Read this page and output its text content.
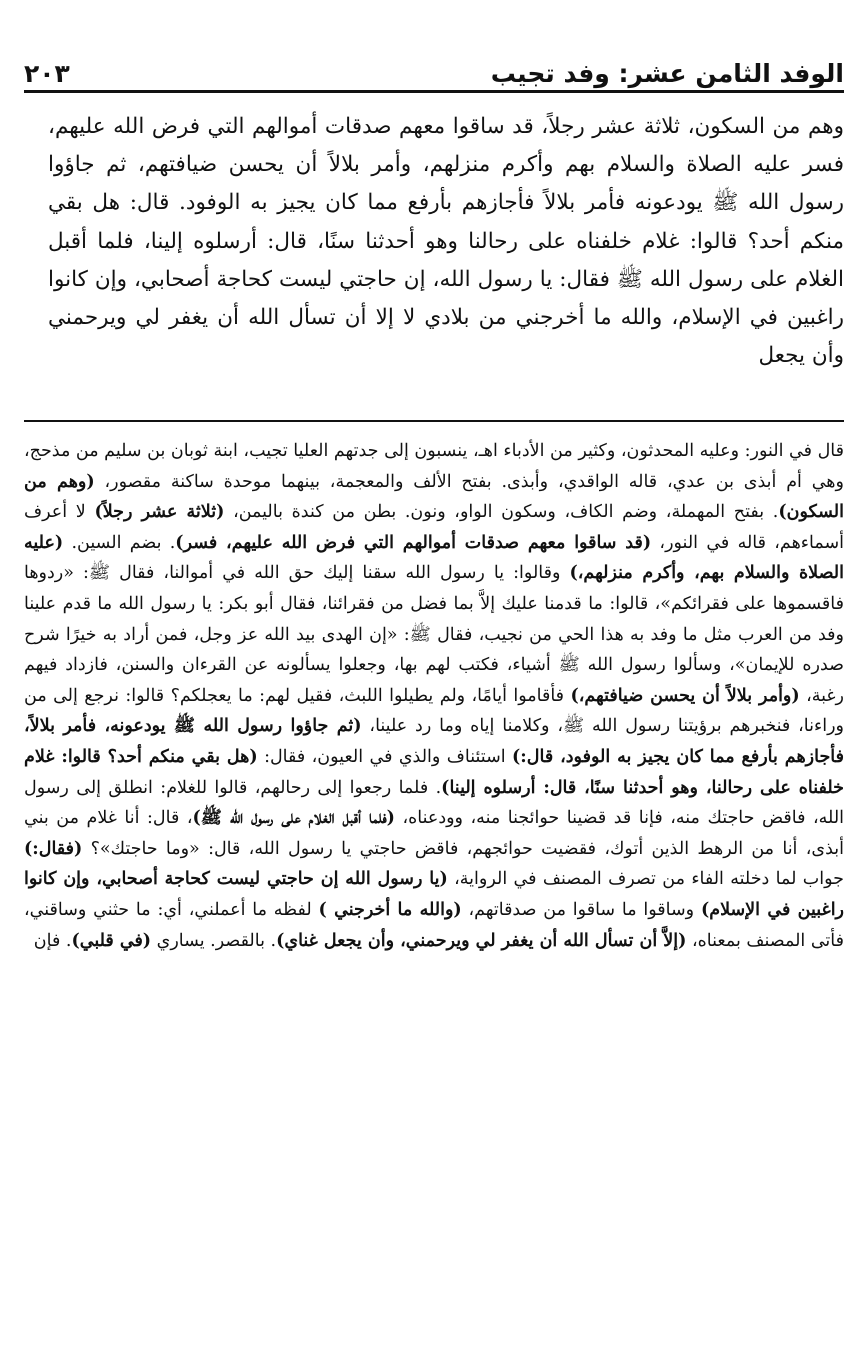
الوفد الثامن عشر: وفد تجيب
٢٠٣

وهم من السكون، ثلاثة عشر رجلاً، قد ساقوا معهم صدقات أموالهم التي فرض الله عليهم، فسر عليه الصلاة والسلام بهم وأكرم منزلهم، وأمر بلالاً أن يحسن ضيافتهم، ثم جاؤوا رسول الله ﷺ يودعونه فأمر بلالاً فأجازهم بأرفع مما كان يجيز به الوفود. قال: هل بقي منكم أحد؟ قالوا: غلام خلفناه على رحالنا وهو أحدثنا سنًا، قال: أرسلوه إلينا، فلما أقبل الغلام على رسول الله ﷺ فقال: يا رسول الله، إن حاجتي ليست كحاجة أصحابي، وإن كانوا راغبين في الإسلام، والله ما أخرجني من بلادي لا إلا أن تسأل الله أن يغفر لي ويرحمني وأن يجعل

قال في النور: وعليه المحدثون، وكثير من الأدباء اهـ، ينسبون إلى جدتهم العليا تجيب، ابنة ثوبان بن سليم من مذحج، وهي أم أبذى بن عدي، قاله الواقدي، وأبذى. بفتح الألف والمعجمة، بينهما موحدة ساكنة مقصور، (وهم من السكون). بفتح المهملة، وضم الكاف، وسكون الواو، ونون. بطن من كندة باليمن، (ثلاثة عشر رجلاً) لا أعرف أسماءهم، قاله في النور، (قد ساقوا معهم صدقات أموالهم التي فرض الله عليهم، فسر). بضم السين. (عليه الصلاة والسلام بهم، وأكرم منزلهم،) وقالوا: يا رسول الله سقنا إليك حق الله في أموالنا، فقال ﷺ: «ردوها فاقسموها على فقرائكم»، قالوا: ما قدمنا عليك إلاَّ بما فضل من فقرائنا، فقال أبو بكر: يا رسول الله ما قدم علينا وفد من العرب مثل ما وفد به هذا الحي من نجيب، فقال ﷺ: «إن الهدى بيد الله عز وجل، فمن أراد به خيرًا شرح صدره للإيمان»، وسألوا رسول الله ﷺ أشياء، فكتب لهم بها، وجعلوا يسألونه عن القرءان والسنن، فازداد فيهم رغبة، (وأمر بلالاً أن يحسن ضيافتهم،) فأقاموا أيامًا، ولم يطيلوا اللبث، فقيل لهم: ما يعجلكم؟ قالوا: نرجع إلى من وراءنا، فنخبرهم برؤيتنا رسول الله ﷺ، وكلامنا إياه وما رد علينا، (ثم جاؤوا رسول الله ﷺ يودعونه، فأمر بلالاً، فأجازهم بأرفع مما كان يجيز به الوفود، قال:) استئناف والذي في العيون، فقال: (هل بقي منكم أحد؟ قالوا: غلام خلفناه على رحالنا، وهو أحدثنا سنًا، قال: أرسلوه إلينا). فلما رجعوا إلى رحالهم، قالوا للغلام: انطلق إلى رسول الله، فاقض حاجتك منه، فإنا قد قضينا حوائجنا منه، وودعناه، (فلما أقبل الغلام على رسول الله ﷺ)، قال: أنا غلام من بني أبذى، أنا من الرهط الذين أتوك، فقضيت حوائجهم، فاقض حاجتي يا رسول الله، قال: «وما حاجتك»؟ (فقال:) جواب لما دخلته الفاء من تصرف المصنف في الرواية، (يا رسول الله إن حاجتي ليست كحاجة أصحابي، وإن كانوا راغبين في الإسلام) وساقوا ما ساقوا من صدقاتهم، (والله ما أخرجني ) لفظه ما أعملني، أي: ما حثني وساقني، فأتى المصنف بمعناه، (إلاَّ أن تسأل الله أن يغفر لي ويرحمني، وأن يجعل غناي). بالقصر. يساري (في قلبي). فإن
